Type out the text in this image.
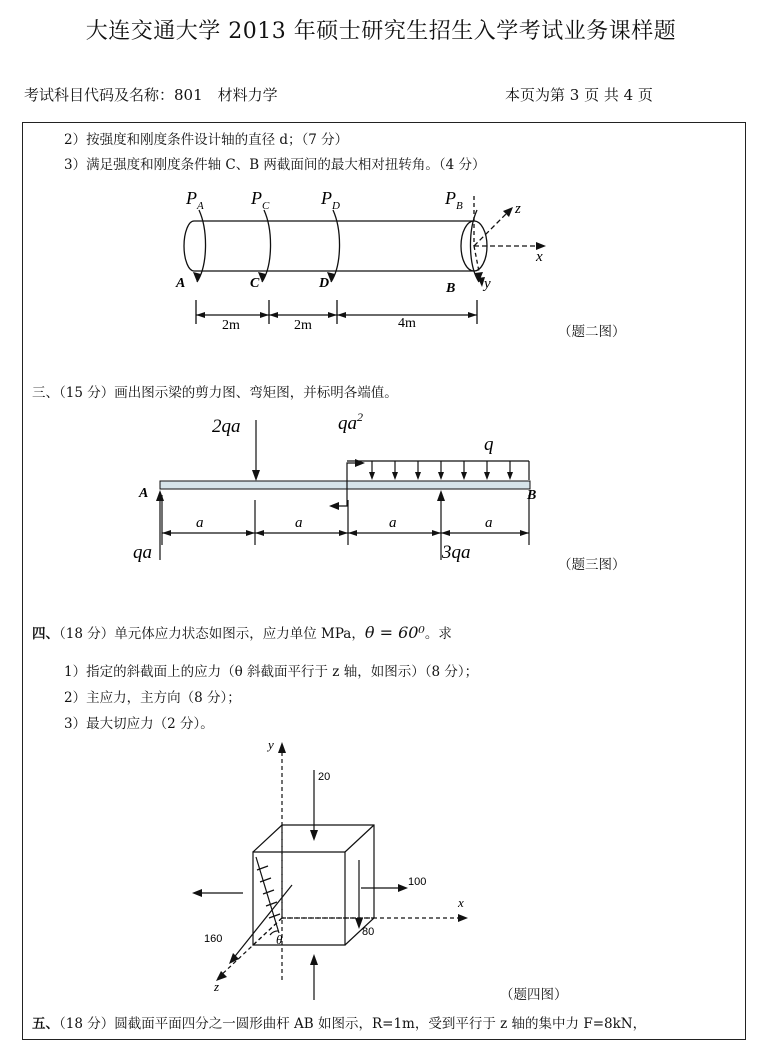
大连交通大学 2013 年硕士研究生招生入学考试业务课样题
考试科目代码及名称：801　材料力学	本页为第 3 页 共 4 页
2）按强度和刚度条件设计轴的直径 d；（7 分）
3）满足强度和刚度条件轴 C、B 两截面间的最大相对扭转角。（4 分）
$P_A$	$P_C$	$P_D$	$P_B$
A	C	D	B
x
y
z
2m	2m	4m
（题二图）
三、（15 分）画出图示梁的剪力图、弯矩图，并标明各端值。
2qa	$qa^2$
q
qa	3qa
a	a	a	a
A	B
（题三图）
四、（18 分）单元体应力状态如图示，应力单位 MPa，θ = 60⁰。求
1）指定的斜截面上的应力（θ 斜截面平行于 z 轴，如图示）（8 分）；
2）主应力，主方向（8 分）；
3）最大切应力（2 分）。
y
x
z
θ
20
100
80
160
（题四图）
五、（18 分）圆截面平面四分之一圆形曲杆 AB 如图示，R=1m，受到平行于 z 轴的集中力 F=8kN，
